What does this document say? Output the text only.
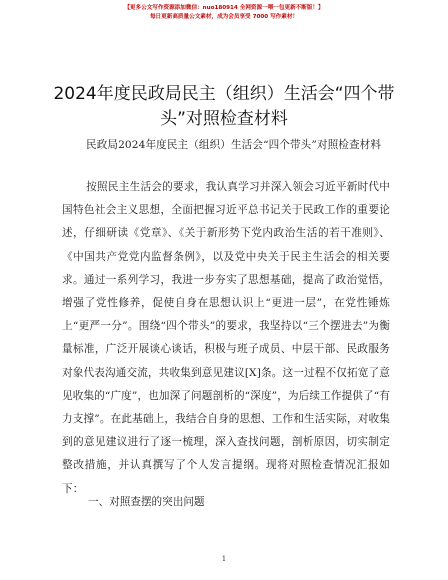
【更多公文写作资源添加微信：nuo180914 全网资源一喂一包更新不断版！】
每日更新高质量公文素材，成为会员享受 7000 写作素材！
2024年度民政局民主（组织）生活会“四个带
头”对照检查材料
民政局2024年度民主（组织）生活会“四个带头”对照检查材料
按照民主生活会的要求，我认真学习并深入领会习近平新时代中国特色社会主义思想，全面把握习近平总书记关于民政工作的重要论述，仔细研读《党章》、《关于新形势下党内政治生活的若干准则》、《中国共产党党内监督条例》，以及党中央关于民主生活会的相关要求。通过一系列学习，我进一步夯实了思想基础，提高了政治觉悟，增强了党性修养，促使自身在思想认识上“更进一层”，在党性锤炼上“更严一分”。围绕“四个带头”的要求，我坚持以“三个摆进去”为衡量标准，广泛开展谈心谈话，积极与班子成员、中层干部、民政服务对象代表沟通交流，共收集到意见建议[X]条。这一过程不仅拓宽了意见收集的“广度”，也加深了问题剖析的“深度”，为后续工作提供了“有力支撑”。在此基础上，我结合自身的思想、工作和生活实际，对收集到的意见建议进行了逐一梳理，深入查找问题，剖析原因，切实制定整改措施，并认真撰写了个人发言提纲。现将对照检查情况汇报如下：
一、对照查摆的突出问题
1
